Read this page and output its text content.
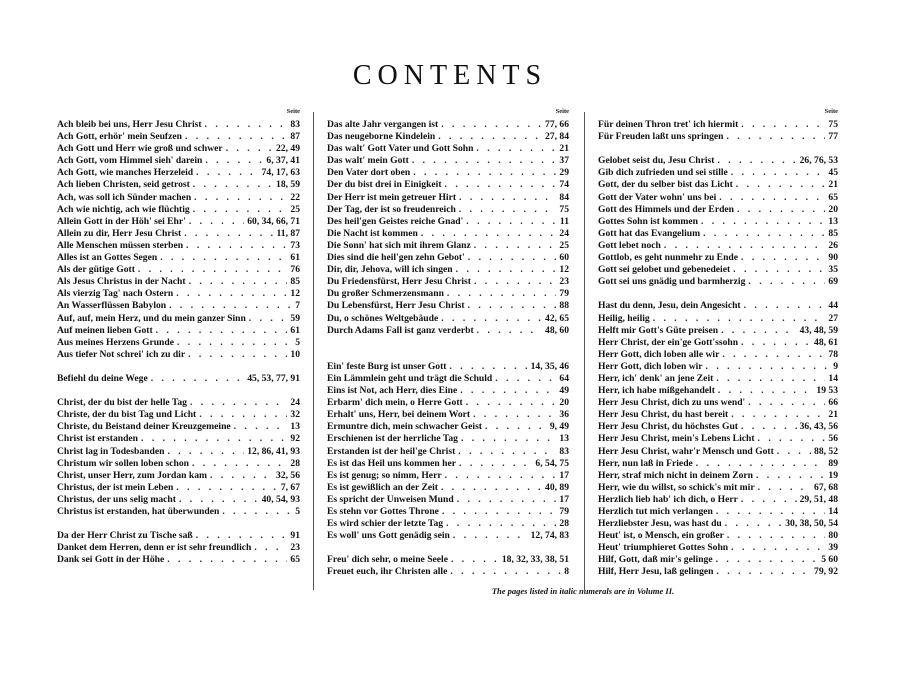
CONTENTS
Seite
Ach bleib bei uns, Herr Jesu Christ . . .	83
Ach Gott, erhör' mein Seufzen . . .	87
Ach Gott und Herr wie groß und schwer . . .	22, 49
Ach Gott, vom Himmel sieh' darein . . .	6, 37, 41
Ach Gott, wie manches Herzeleid . . .	74, 17, 63
Ach lieben Christen, seid getrost . . .	18, 59
Ach, was soll ich Sünder machen . . .	22
Ach wie nichtig, ach wie flüchtig . . .	25
Allein Gott in der Höh' sei Ehr' . . .	60, 34, 66, 71
Allein zu dir, Herr Jesu Christ . . .	11, 87
Alle Menschen müssen sterben . . .	73
Alles ist an Gottes Segen . . .	61
Als der gütige Gott . . .	76
Als Jesus Christus in der Nacht . . .	85
Als vierzig Tag' nach Ostern . . .	12
An Wasserflüssen Babylon . . .	7
Auf, auf, mein Herz, und du mein ganzer Sinn . . .	59
Auf meinen lieben Gott . . .	61
Aus meines Herzens Grunde . . .	5
Aus tiefer Not schrei' ich zu dir . . .	10
Befiehl du deine Wege . . .	45, 53, 77, 91
Christ, der du bist der helle Tag . . .	24
Christe, der du bist Tag und Licht . . .	32
Christe, du Beistand deiner Kreuzgemeine . . .	13
Christ ist erstanden . . .	92
Christ lag in Todesbanden . . .	12, 86, 41, 93
Christum wir sollen loben schon . . .	28
Christ, unser Herr, zum Jordan kam . . .	32, 56
Christus, der ist mein Leben . . .	7, 67
Christus, der uns selig macht . . .	40, 54, 93
Christus ist erstanden, hat überwunden . . .	5
Da der Herr Christ zu Tische saß . . .	91
Danket dem Herren, denn er ist sehr freundlich . . .	23
Dank sei Gott in der Höhe . . .	65
Seite
Das alte Jahr vergangen ist . . .	77, 66
Das neugeborne Kindelein . . .	27, 84
Das walt' Gott Vater und Gott Sohn . . .	21
Das walt' mein Gott . . .	37
Den Vater dort oben . . .	29
Der du bist drei in Einigkeit . . .	74
Der Herr ist mein getreuer Hirt . . .	84
Der Tag, der ist so freudenreich . . .	75
Des heil'gen Geistes reiche Gnad' . . .	11
Die Nacht ist kommen . . .	24
Die Sonn' hat sich mit ihrem Glanz . . .	25
Dies sind die heil'gen zehn Gebot' . . .	60
Dir, dir, Jehova, will ich singen . . .	12
Du Friedensfürst, Herr Jesu Christ . . .	23
Du großer Schmerzensmann . . .	79
Du Lebensfürst, Herr Jesu Christ . . .	88
Du, o schönes Weltgebäude . . .	42, 65
Durch Adams Fall ist ganz verderbt . . .	48, 60
Ein' feste Burg ist unser Gott . . .	14, 35, 46
Ein Lämmlein geht und trägt die Schuld . . .	64
Eins ist Not, ach Herr, dies Eine . . .	49
Erbarm' dich mein, o Herre Gott . . .	20
Erhalt' uns, Herr, bei deinem Wort . . .	36
Ermuntre dich, mein schwacher Geist . . .	9, 49
Erschienen ist der herrliche Tag . . .	13
Erstanden ist der heil'ge Christ . . .	83
Es ist das Heil uns kommen her . . .	6, 54, 75
Es ist genug; so nimm, Herr . . .	17
Es ist gewißlich an der Zeit . . .	40, 89
Es spricht der Unweisen Mund . . .	17
Es stehn vor Gottes Throne . . .	79
Es wird schier der letzte Tag . . .	28
Es woll' uns Gott genädig sein . . .	12, 74, 83
Freu' dich sehr, o meine Seele . . .	18, 32, 33, 38, 51
Freuet euch, ihr Christen alle . . .	8
Seite
Für deinen Thron tret' ich hiermit . . .	75
Für Freuden laßt uns springen . . .	77
Gelobet seist du, Jesu Christ . . .	26, 76, 53
Gib dich zufrieden und sei stille . . .	45
Gott, der du selber bist das Licht . . .	21
Gott der Vater wohn' uns bei . . .	65
Gott des Himmels und der Erden . . .	20
Gottes Sohn ist kommen . . .	13
Gott hat das Evangelium . . .	85
Gott lebet noch . . .	26
Gottlob, es geht nunmehr zu Ende . . .	90
Gott sei gelobet und gebenedeiet . . .	35
Gott sei uns gnädig und barmherzig . . .	69
Hast du denn, Jesu, dein Angesicht . . .	44
Heilig, heilig . . .	27
Helft mir Gott's Güte preisen . . .	43, 48, 59
Herr Christ, der ein'ge Gott'ssohn . . .	48, 61
Herr Gott, dich loben alle wir . . .	78
Herr Gott, dich loben wir . . .	9
Herr, ich' denk' an jene Zeit . . .	14
Herr, ich habe mißgehandelt . . .	19 53
Herr Jesu Christ, dich zu uns wend' . . .	66
Herr Jesu Christ, du hast bereit . . .	21
Herr Jesu Christ, du höchstes Gut . . .	36, 43, 56
Herr Jesu Christ, mein's Lebens Licht . . .	56
Herr Jesu Christ, wahr'r Mensch und Gott . . .	88, 52
Herr, nun laß in Friede . . .	89
Herr, straf mich nicht in deinem Zorn . . .	19
Herr, wie du willst, so schick's mit mir . . .	67, 68
Herzlich lieb hab' ich dich, o Herr . . .	29, 51, 48
Herzlich tut mich verlangen . . .	14
Herzliebster Jesu, was hast du . . .	30, 38, 50, 54
Heut' ist, o Mensch, ein großer . . .	80
Heut' triumphieret Gottes Sohn . . .	39
Hilf, Gott, daß mir's gelinge . . .	5 60
Hilf, Herr Jesu, laß gelingen . . .	79, 92
The pages listed in italic numerals are in Volume II.
